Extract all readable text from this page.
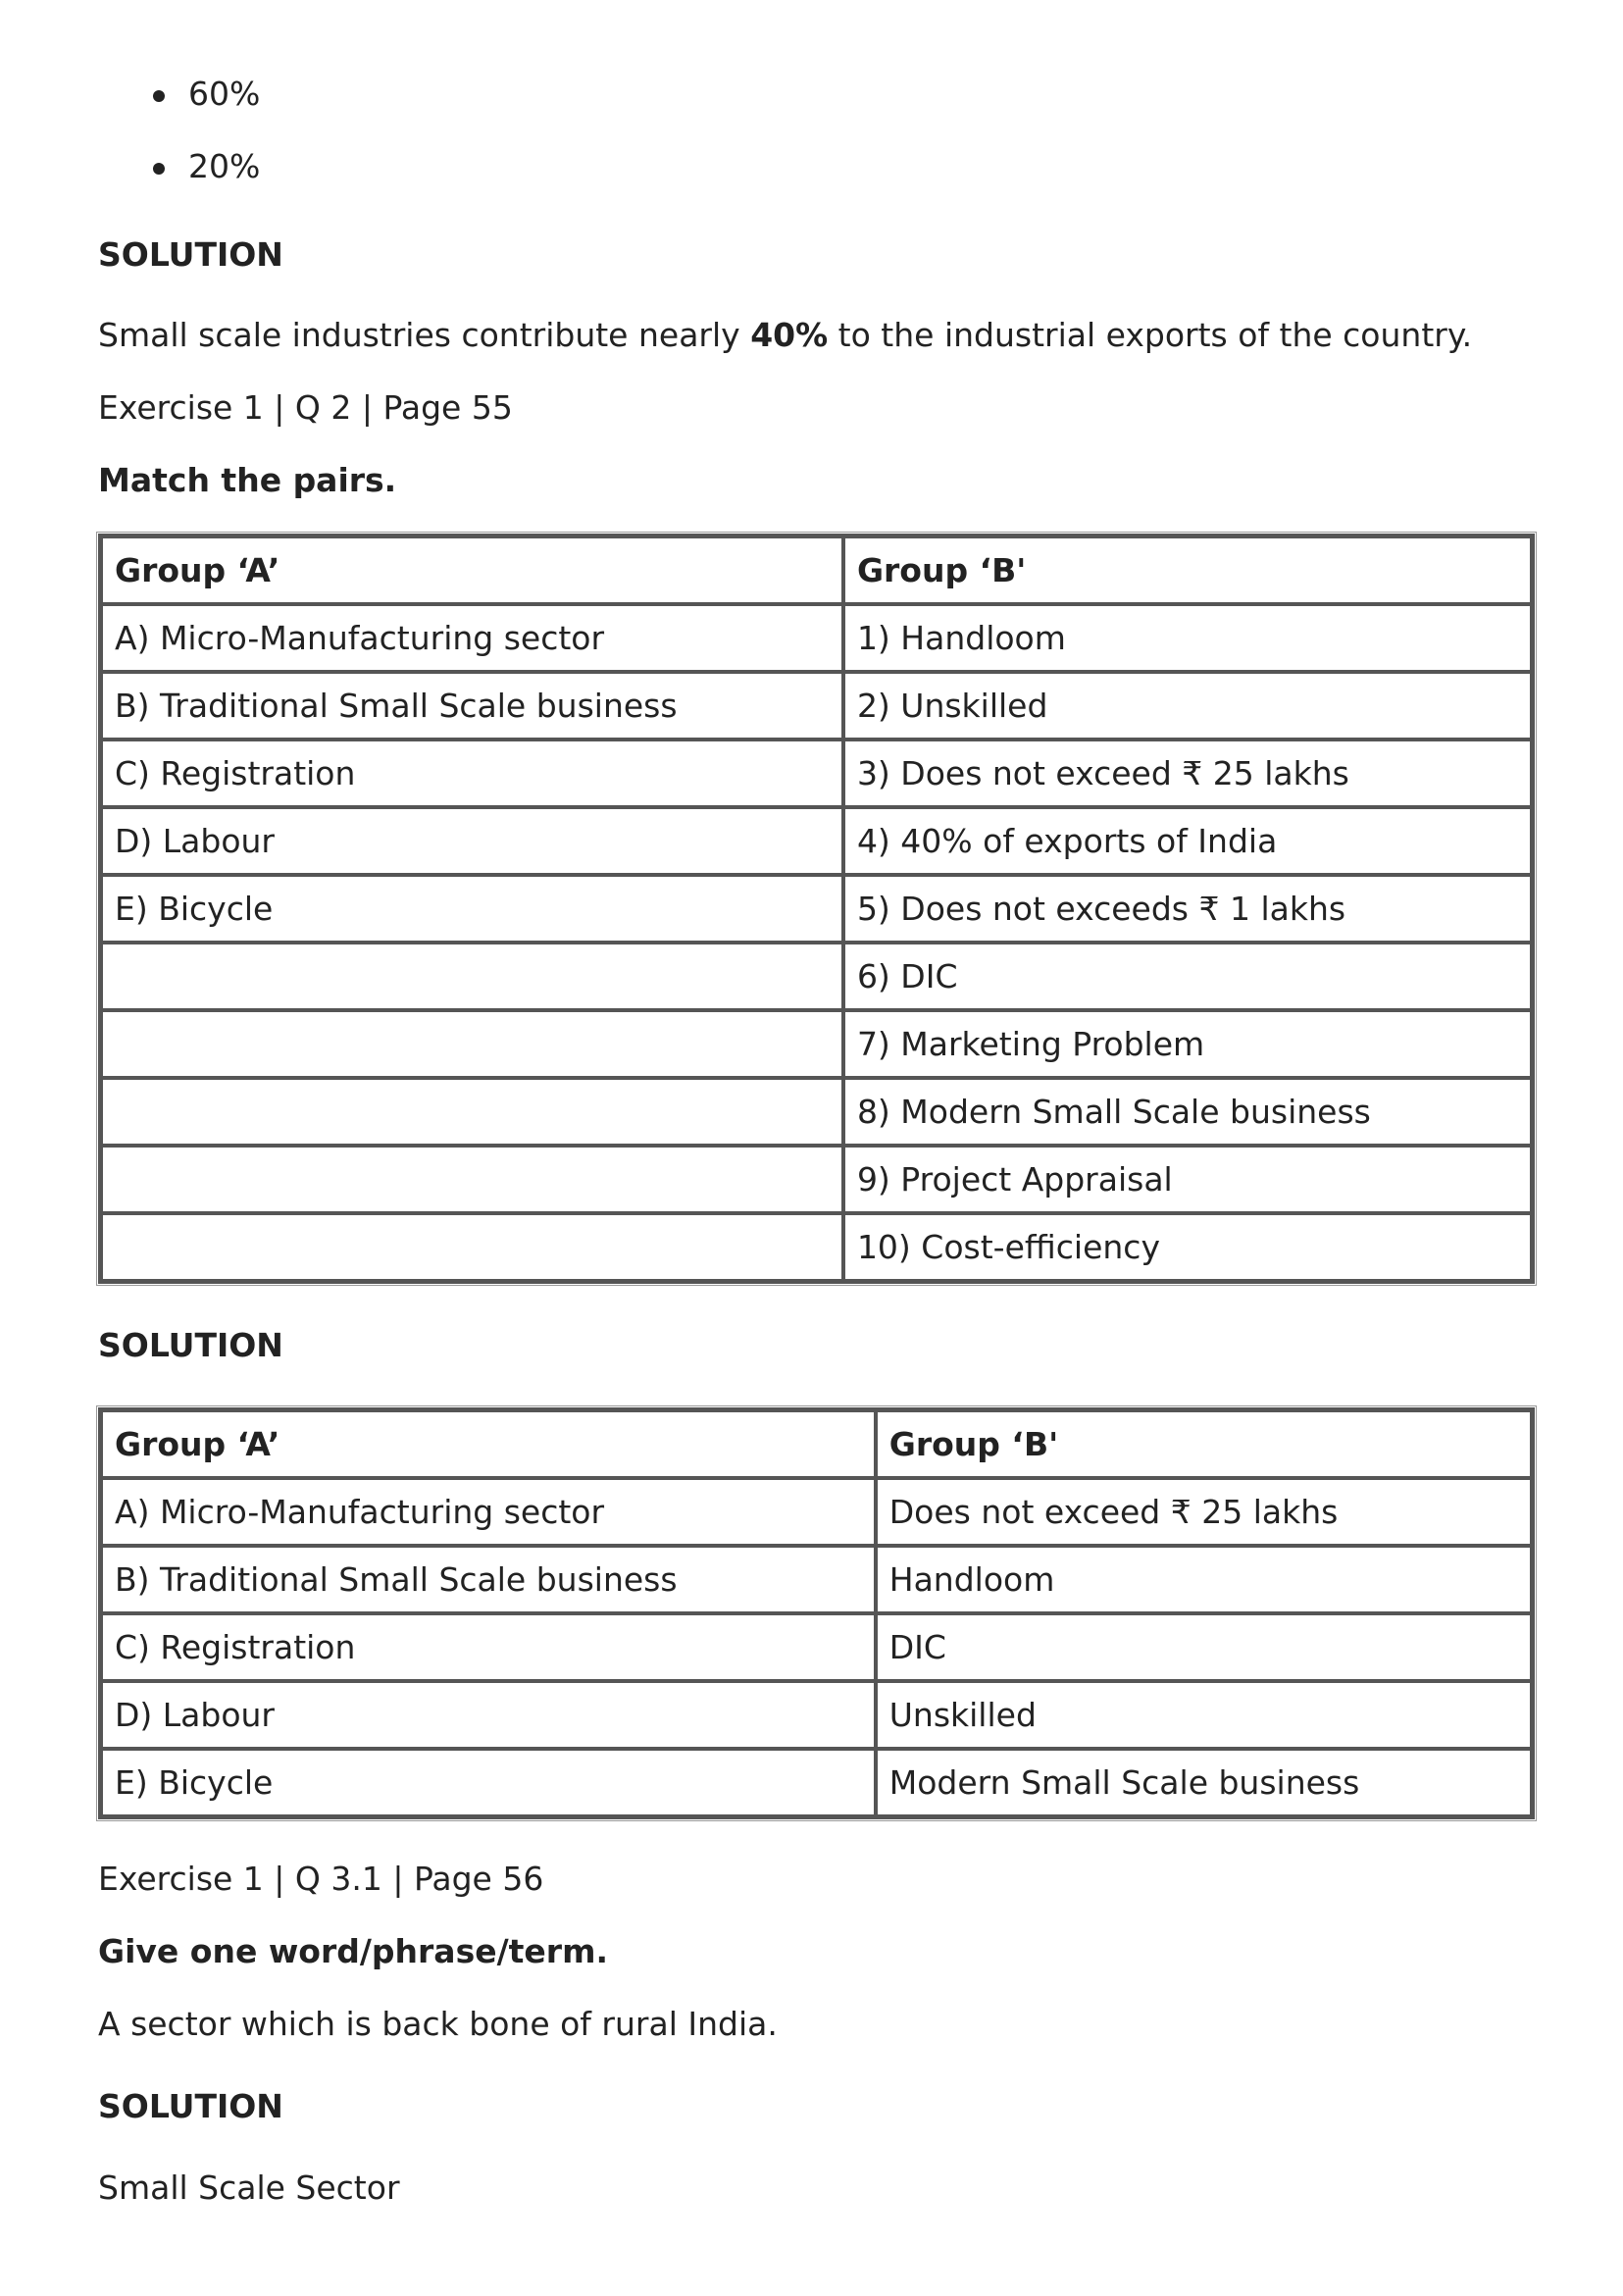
60%
20%
SOLUTION
Small scale industries contribute nearly 40% to the industrial exports of the country.
Exercise 1 | Q 2 | Page 55
Match the pairs.
Group ‘A’	Group ‘B'
A) Micro-Manufacturing sector	1) Handloom
B) Traditional Small Scale business	2) Unskilled
C) Registration	3) Does not exceed ₹ 25 lakhs
D) Labour	4) 40% of exports of India
E) Bicycle	5) Does not exceeds ₹ 1 lakhs
	6) DIC
	7) Marketing Problem
	8) Modern Small Scale business
	9) Project Appraisal
	10) Cost-efficiency
SOLUTION
Group ‘A’	Group ‘B'
A) Micro-Manufacturing sector	Does not exceed ₹ 25 lakhs
B) Traditional Small Scale business	Handloom
C) Registration	DIC
D) Labour	Unskilled
E) Bicycle	Modern Small Scale business
Exercise 1 | Q 3.1 | Page 56
Give one word/phrase/term.
A sector which is back bone of rural India.
SOLUTION
Small Scale Sector
